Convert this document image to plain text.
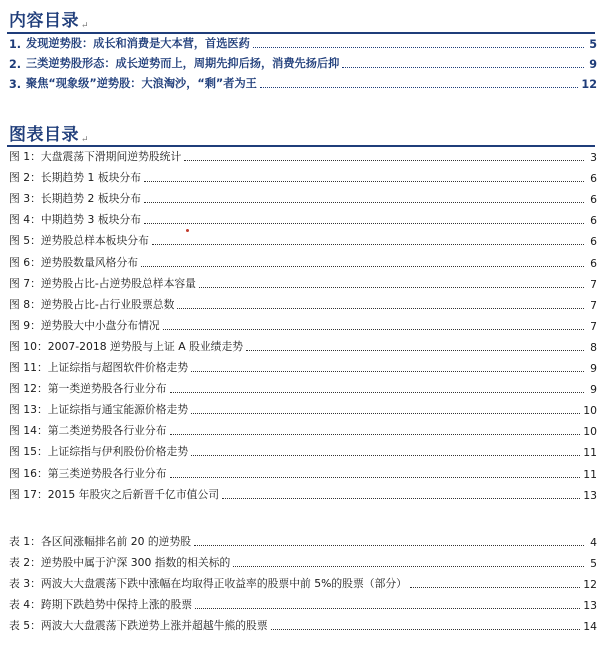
内容目录 ↵
1. 发现逆势股：成长和消费是大本营，首选医药	5
2. 三类逆势股形态：成长逆势而上，周期先抑后扬，消费先扬后抑	9
3. 聚焦“现象级”逆势股：大浪淘沙，“剩”者为王	12
图表目录 ↵
图 1： 大盘震荡下滑期间逆势股统计	3
图 2： 长期趋势 1 板块分布	6
图 3： 长期趋势 2 板块分布	6
图 4： 中期趋势 3 板块分布	6
图 5： 逆势股总样本板块分布	6
图 6： 逆势股数量风格分布	6
图 7： 逆势股占比-占逆势股总样本容量	7
图 8： 逆势股占比-占行业股票总数	7
图 9： 逆势股大中小盘分布情况	7
图 10： 2007-2018 逆势股与上证 A 股业绩走势	8
图 11： 上证综指与超图软件价格走势	9
图 12： 第一类逆势股各行业分布	9
图 13： 上证综指与通宝能源价格走势	10
图 14： 第二类逆势股各行业分布	10
图 15： 上证综指与伊利股份价格走势	11
图 16： 第三类逆势股各行业分布	11
图 17： 2015 年股灾之后新晋千亿市值公司	13
表 1： 各区间涨幅排名前 20 的逆势股	4
表 2： 逆势股中属于沪深 300 指数的相关标的	5
表 3： 两波大大盘震荡下跌中涨幅在均取得正收益率的股票中前 5%的股票（部分）	12
表 4： 跨期下跌趋势中保持上涨的股票	13
表 5： 两波大大盘震荡下跌逆势上涨并超越牛熊的股票	14
